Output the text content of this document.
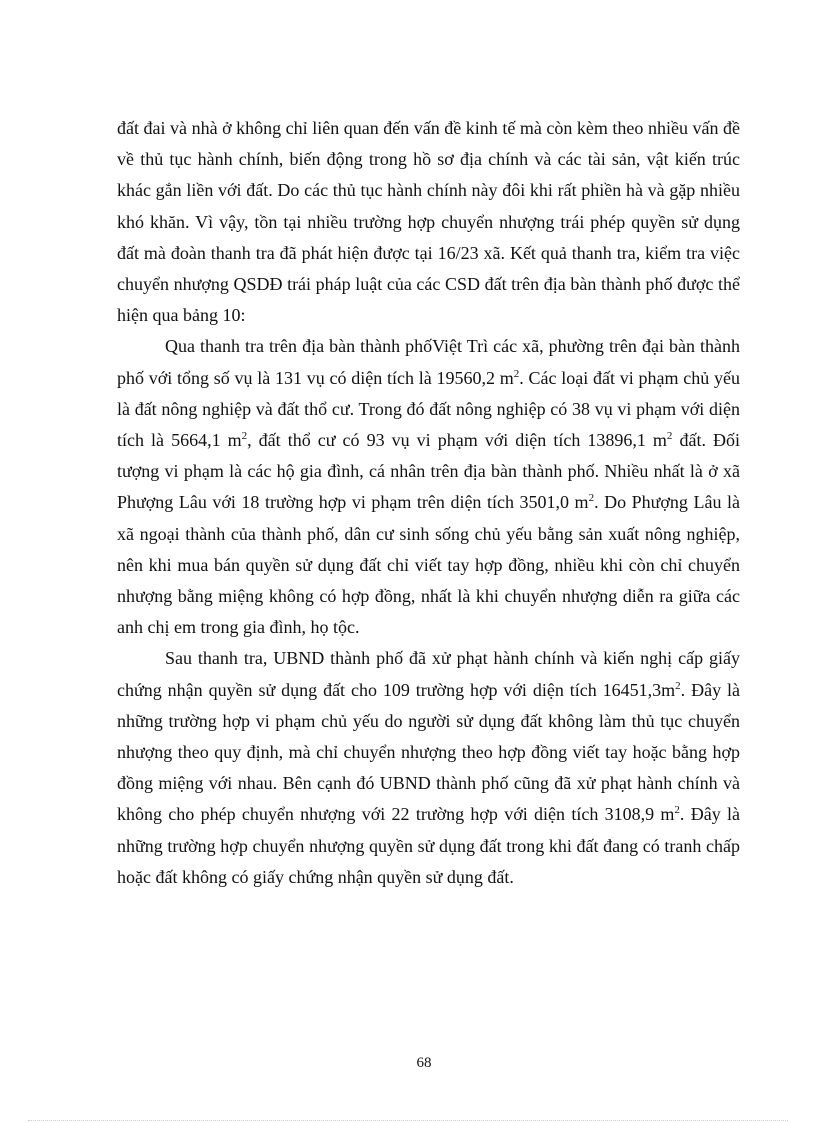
đất đai và nhà ở không chỉ liên quan đến vấn đề kinh tế mà còn kèm theo nhiều vấn đề về thủ tục hành chính, biến động trong hồ sơ địa chính và các tài sản, vật kiến trúc khác gắn liền với đất. Do các thủ tục hành chính này đôi khi rất phiền hà và gặp nhiều khó khăn. Vì vậy, tồn tại nhiều trường hợp chuyển nhượng trái phép quyền sử dụng đất mà đoàn thanh tra đã phát hiện được tại 16/23 xã. Kết quả thanh tra, kiểm tra việc chuyển nhượng QSDĐ trái pháp luật của các CSD đất trên địa bàn thành phố được thể hiện qua bảng 10:

Qua thanh tra trên địa bàn thành phốViệt Trì các xã, phường trên đại bàn thành phố với tổng số vụ là 131 vụ có diện tích là 19560,2 $m^2$. Các loại đất vi phạm chủ yếu là đất nông nghiệp và đất thổ cư. Trong đó đất nông nghiệp có 38 vụ vi phạm với diện tích là 5664,1 $m^2$, đất thổ cư có 93 vụ vi phạm với diện tích 13896,1 $m^2$ đất. Đối tượng vi phạm là các hộ gia đình, cá nhân trên địa bàn thành phố. Nhiều nhất là ở xã Phượng Lâu với 18 trường hợp vi phạm trên diện tích 3501,0 $m^2$. Do Phượng Lâu là xã ngoại thành của thành phố, dân cư sinh sống chủ yếu bằng sản xuất nông nghiệp, nên khi mua bán quyền sử dụng đất chỉ viết tay hợp đồng, nhiều khi còn chỉ chuyển nhượng bằng miệng không có hợp đồng, nhất là khi chuyển nhượng diễn ra giữa các anh chị em trong gia đình, họ tộc.

Sau thanh tra, UBND thành phố đã xử phạt hành chính và kiến nghị cấp giấy chứng nhận quyền sử dụng đất cho 109 trường hợp với diện tích $16451,3m^2$. Đây là những trường hợp vi phạm chủ yếu do người sử dụng đất không làm thủ tục chuyển nhượng theo quy định, mà chỉ chuyển nhượng theo hợp đồng viết tay hoặc bằng hợp đồng miệng với nhau. Bên cạnh đó UBND thành phố cũng đã xử phạt hành chính và không cho phép chuyển nhượng với 22 trường hợp với diện tích 3108,9 $m^2$. Đây là những trường hợp chuyển nhượng quyền sử dụng đất trong khi đất đang có tranh chấp hoặc đất không có giấy chứng nhận quyền sử dụng đất.

68
